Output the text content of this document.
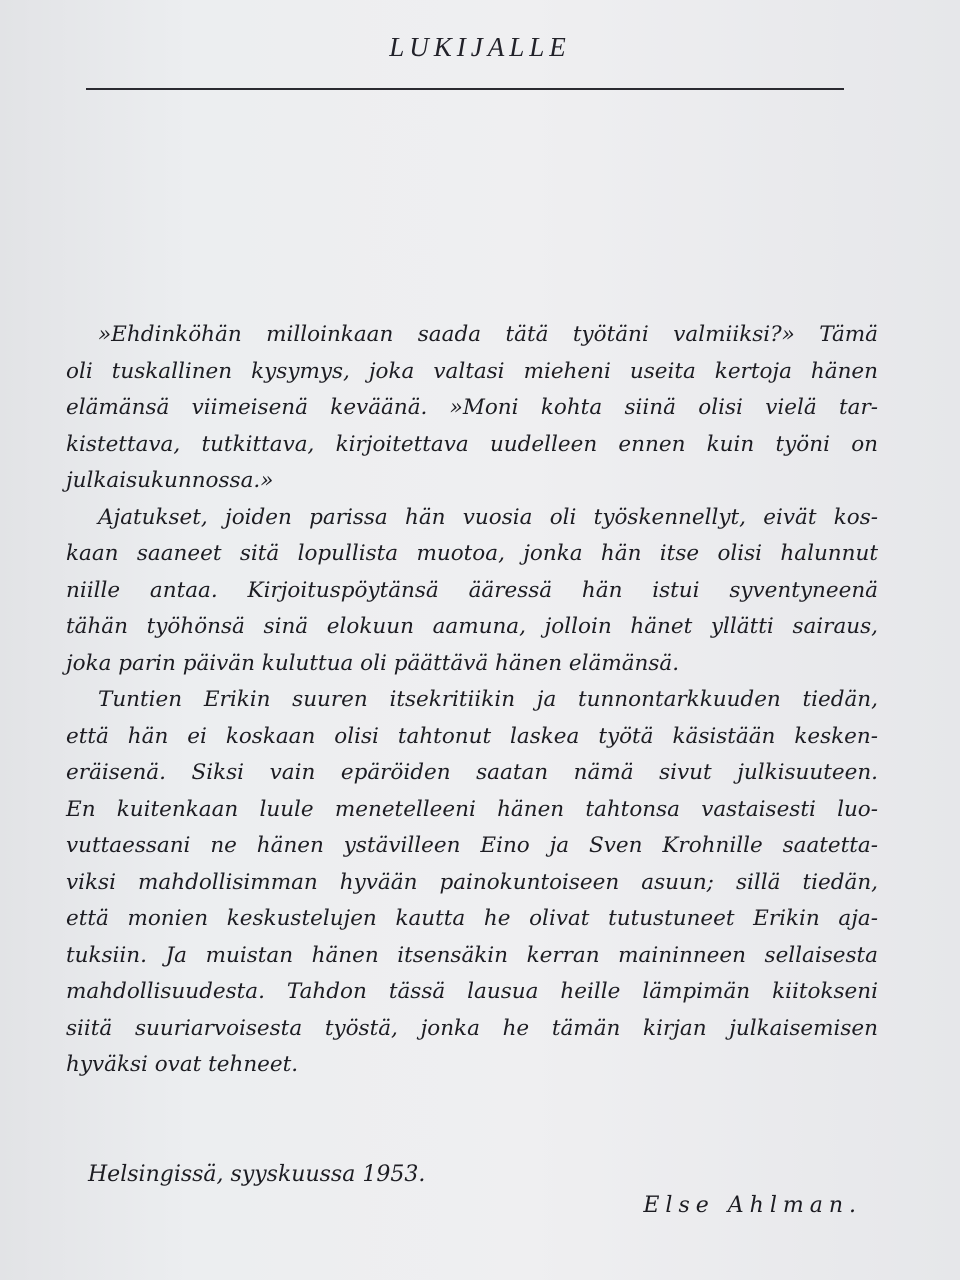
LUKIJALLE
»Ehdinköhän milloinkaan saada tätä työtäni valmiiksi?» Tämä
oli tuskallinen kysymys, joka valtasi mieheni useita kertoja hänen
elämänsä viimeisenä keväänä. »Moni kohta siinä olisi vielä tar-
kistettava, tutkittava, kirjoitettava uudelleen ennen kuin työni on
julkaisukunnossa.»
Ajatukset, joiden parissa hän vuosia oli työskennellyt, eivät kos-
kaan saaneet sitä lopullista muotoa, jonka hän itse olisi halunnut
niille antaa. Kirjoituspöytänsä ääressä hän istui syventyneenä
tähän työhönsä sinä elokuun aamuna, jolloin hänet yllätti sairaus,
joka parin päivän kuluttua oli päättävä hänen elämänsä.
Tuntien Erikin suuren itsekritiikin ja tunnontarkkuuden tiedän,
että hän ei koskaan olisi tahtonut laskea työtä käsistään kesken-
eräisenä. Siksi vain epäröiden saatan nämä sivut julkisuuteen.
En kuitenkaan luule menetelleeni hänen tahtonsa vastaisesti luo-
vuttaessani ne hänen ystävilleen Eino ja Sven Krohnille saatetta-
viksi mahdollisimman hyvään painokuntoiseen asuun; sillä tiedän,
että monien keskustelujen kautta he olivat tutustuneet Erikin aja-
tuksiin. Ja muistan hänen itsensäkin kerran maininneen sellaisesta
mahdollisuudesta. Tahdon tässä lausua heille lämpimän kiitokseni
siitä suuriarvoisesta työstä, jonka he tämän kirjan julkaisemisen
hyväksi ovat tehneet.
Helsingissä, syyskuussa 1953.
Else Ahlman.
